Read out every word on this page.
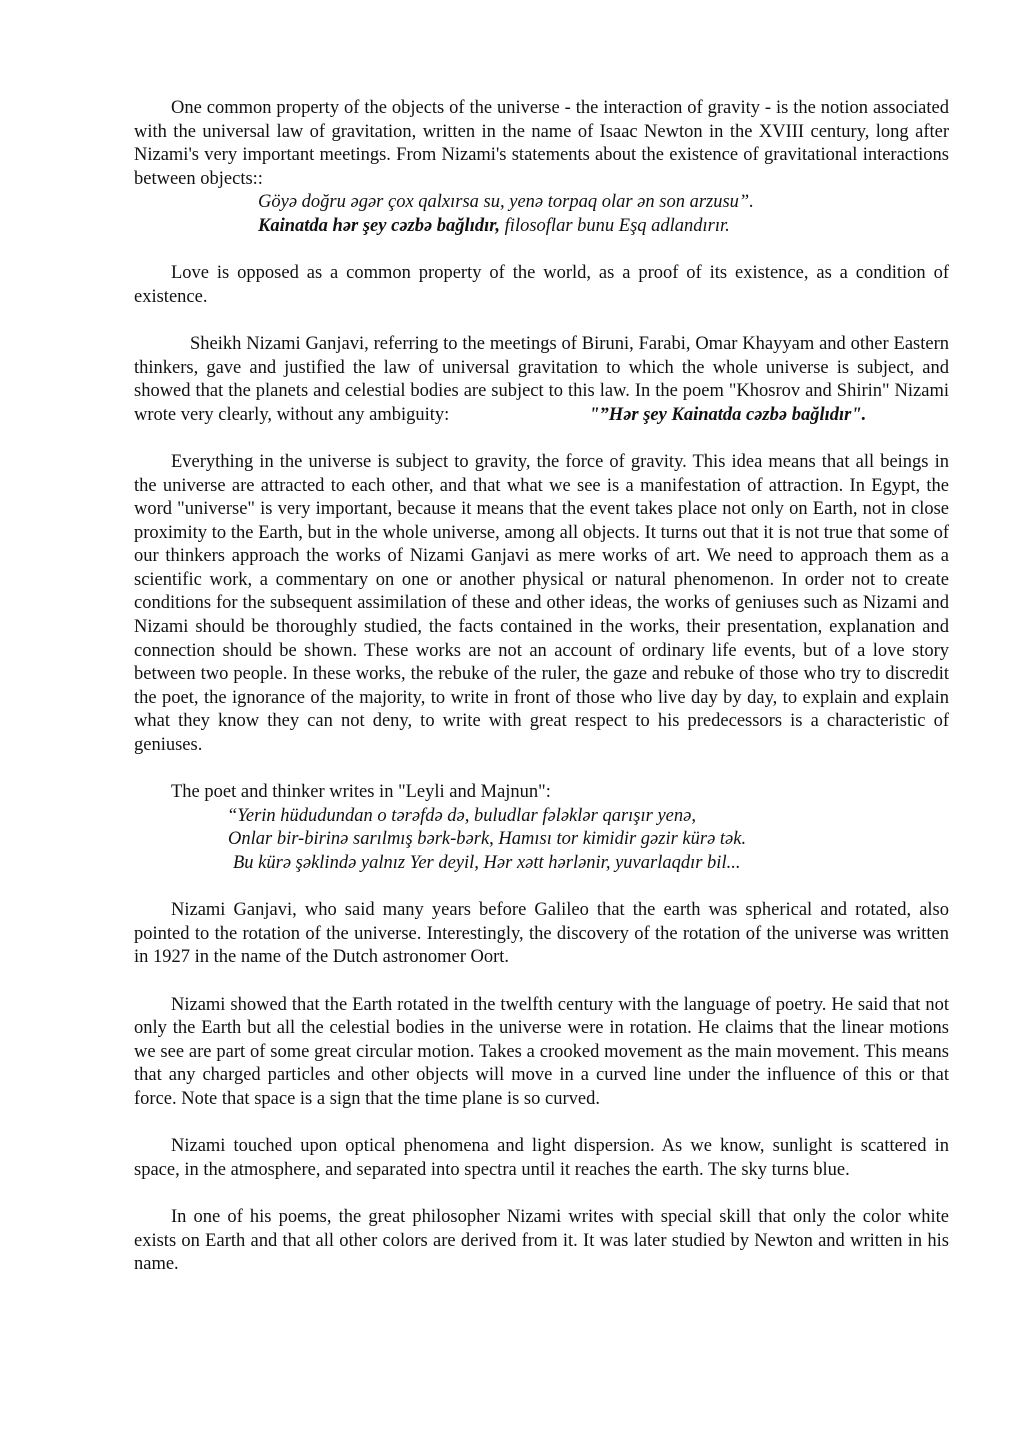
One common property of the objects of the universe - the interaction of gravity - is the notion associated with the universal law of gravitation, written in the name of Isaac Newton in the XVIII century, long after Nizami's very important meetings. From Nizami's statements about the existence of gravitational interactions between objects::

Göyə doğru əgər çox qalxırsa su, yenə torpaq olar ən son arzusu”.
Kainatda hər şey cəzbə bağlıdır, filosoflar bunu Eşq adlandırır.

Love is opposed as a common property of the world, as a proof of its existence, as a condition of existence.

Sheikh Nizami Ganjavi, referring to the meetings of Biruni, Farabi, Omar Khayyam and other Eastern thinkers, gave and justified the law of universal gravitation to which the whole universe is subject, and showed that the planets and celestial bodies are subject to this law. In the poem "Khosrov and Shirin" Nizami wrote very clearly, without any ambiguity:	"”Hər şey Kainatda cəzbə bağlıdır".

Everything in the universe is subject to gravity, the force of gravity. This idea means that all beings in the universe are attracted to each other, and that what we see is a manifestation of attraction. In Egypt, the word "universe" is very important, because it means that the event takes place not only on Earth, not in close proximity to the Earth, but in the whole universe, among all objects. It turns out that it is not true that some of our thinkers approach the works of Nizami Ganjavi as mere works of art. We need to approach them as a scientific work, a commentary on one or another physical or natural phenomenon. In order not to create conditions for the subsequent assimilation of these and other ideas, the works of geniuses such as Nizami and Nizami should be thoroughly studied, the facts contained in the works, their presentation, explanation and connection should be shown. These works are not an account of ordinary life events, but of a love story between two people. In these works, the rebuke of the ruler, the gaze and rebuke of those who try to discredit the poet, the ignorance of the majority, to write in front of those who live day by day, to explain and explain what they know they can not deny, to write with great respect to his predecessors is a characteristic of geniuses.

The poet and thinker writes in "Leyli and Majnun":

“Yerin hüdudundan o tərəfdə də, buludlar fələklər qarışır yenə,
Onlar bir-birinə sarılmış bərk-bərk, Hamısı tor kimidir gəzir kürə tək.
Bu kürə şəklində yalnız Yer deyil, Hər xətt hərlənir, yuvarlaqdır bil...

Nizami Ganjavi, who said many years before Galileo that the earth was spherical and rotated, also pointed to the rotation of the universe. Interestingly, the discovery of the rotation of the universe was written in 1927 in the name of the Dutch astronomer Oort.

Nizami showed that the Earth rotated in the twelfth century with the language of poetry. He said that not only the Earth but all the celestial bodies in the universe were in rotation. He claims that the linear motions we see are part of some great circular motion. Takes a crooked movement as the main movement. This means that any charged particles and other objects will move in a curved line under the influence of this or that force. Note that space is a sign that the time plane is so curved.

Nizami touched upon optical phenomena and light dispersion. As we know, sunlight is scattered in space, in the atmosphere, and separated into spectra until it reaches the earth. The sky turns blue.

In one of his poems, the great philosopher Nizami writes with special skill that only the color white exists on Earth and that all other colors are derived from it. It was later studied by Newton and written in his name.
